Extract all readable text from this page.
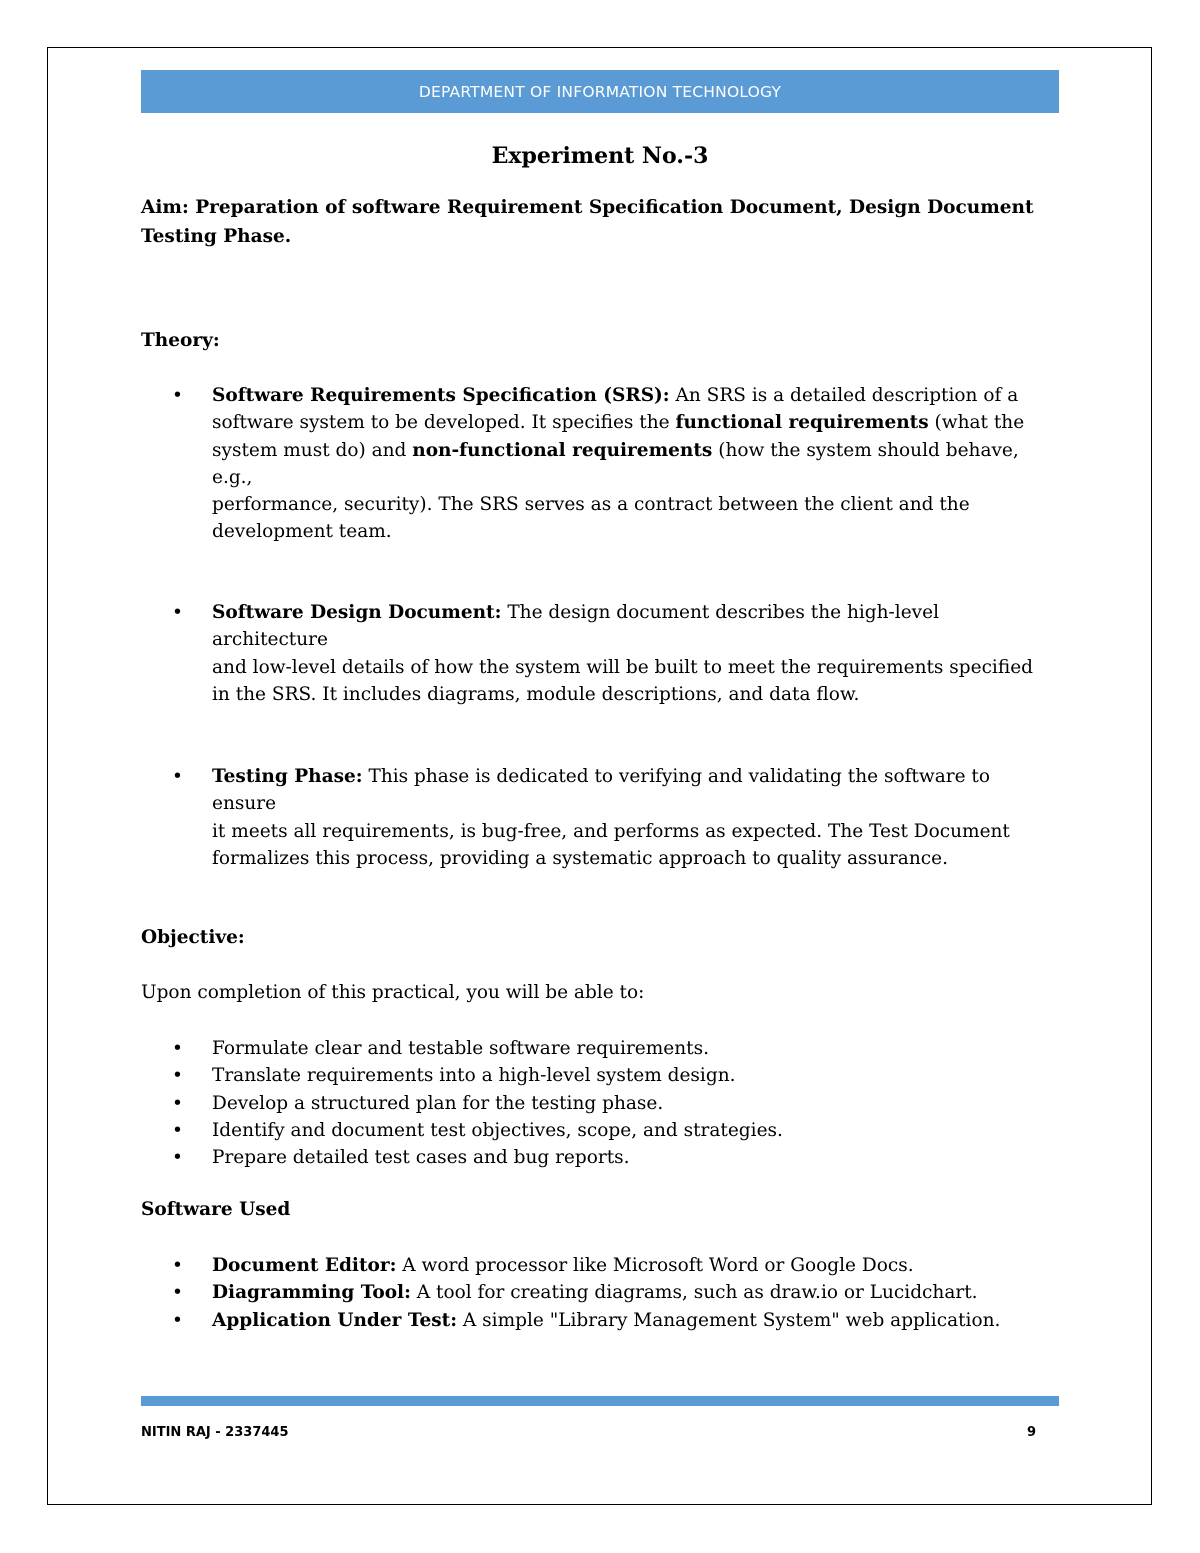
DEPARTMENT OF INFORMATION TECHNOLOGY
Experiment No.-3
Aim: Preparation of software Requirement Specification Document, Design Document
Testing Phase.
Theory:
• Software Requirements Specification (SRS): An SRS is a detailed description of a
software system to be developed. It specifies the functional requirements (what the
system must do) and non-functional requirements (how the system should behave, e.g.,
performance, security). The SRS serves as a contract between the client and the
development team.
• Software Design Document: The design document describes the high-level architecture
and low-level details of how the system will be built to meet the requirements specified
in the SRS. It includes diagrams, module descriptions, and data flow.
• Testing Phase: This phase is dedicated to verifying and validating the software to ensure
it meets all requirements, is bug-free, and performs as expected. The Test Document
formalizes this process, providing a systematic approach to quality assurance.
Objective:
Upon completion of this practical, you will be able to:
• Formulate clear and testable software requirements.
• Translate requirements into a high-level system design.
• Develop a structured plan for the testing phase.
• Identify and document test objectives, scope, and strategies.
• Prepare detailed test cases and bug reports.
Software Used
• Document Editor: A word processor like Microsoft Word or Google Docs.
• Diagramming Tool: A tool for creating diagrams, such as draw.io or Lucidchart.
• Application Under Test: A simple "Library Management System" web application.
NITIN RAJ - 2337445	9
